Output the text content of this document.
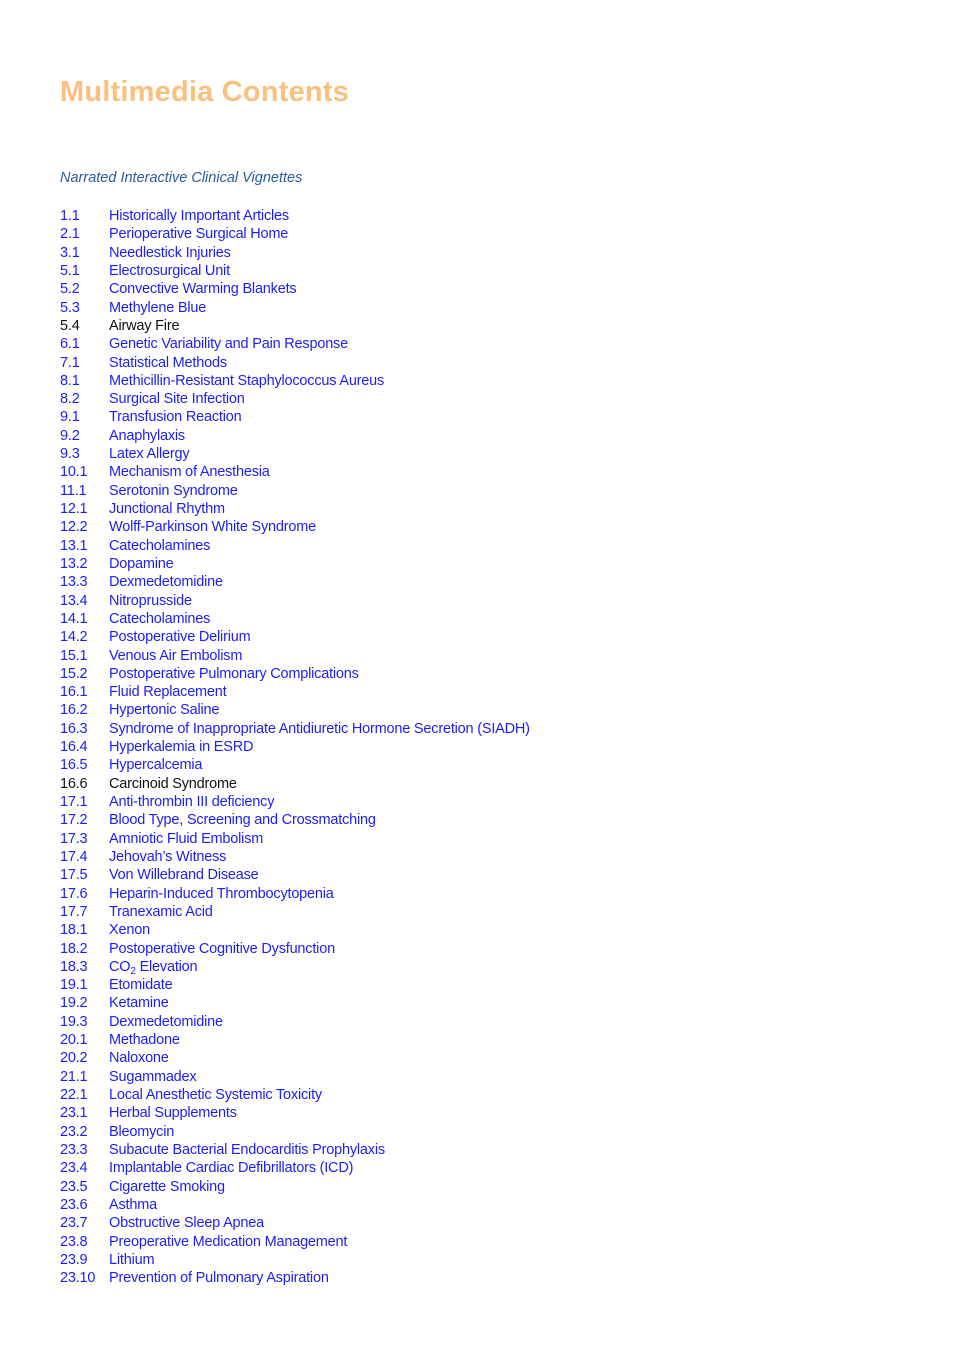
Multimedia Contents
Narrated Interactive Clinical Vignettes
1.1	Historically Important Articles
2.1	Perioperative Surgical Home
3.1	Needlestick Injuries
5.1	Electrosurgical Unit
5.2	Convective Warming Blankets
5.3	Methylene Blue
5.4	Airway Fire
6.1	Genetic Variability and Pain Response
7.1	Statistical Methods
8.1	Methicillin-Resistant Staphylococcus Aureus
8.2	Surgical Site Infection
9.1	Transfusion Reaction
9.2	Anaphylaxis
9.3	Latex Allergy
10.1	Mechanism of Anesthesia
11.1	Serotonin Syndrome
12.1	Junctional Rhythm
12.2	Wolff-Parkinson White Syndrome
13.1	Catecholamines
13.2	Dopamine
13.3	Dexmedetomidine
13.4	Nitroprusside
14.1	Catecholamines
14.2	Postoperative Delirium
15.1	Venous Air Embolism
15.2	Postoperative Pulmonary Complications
16.1	Fluid Replacement
16.2	Hypertonic Saline
16.3	Syndrome of Inappropriate Antidiuretic Hormone Secretion (SIADH)
16.4	Hyperkalemia in ESRD
16.5	Hypercalcemia
16.6	Carcinoid Syndrome
17.1	Anti-thrombin III deficiency
17.2	Blood Type, Screening and Crossmatching
17.3	Amniotic Fluid Embolism
17.4	Jehovah’s Witness
17.5	Von Willebrand Disease
17.6	Heparin-Induced Thrombocytopenia
17.7	Tranexamic Acid
18.1	Xenon
18.2	Postoperative Cognitive Dysfunction
18.3	$CO_2$ Elevation
19.1	Etomidate
19.2	Ketamine
19.3	Dexmedetomidine
20.1	Methadone
20.2	Naloxone
21.1	Sugammadex
22.1	Local Anesthetic Systemic Toxicity
23.1	Herbal Supplements
23.2	Bleomycin
23.3	Subacute Bacterial Endocarditis Prophylaxis
23.4	Implantable Cardiac Defibrillators (ICD)
23.5	Cigarette Smoking
23.6	Asthma
23.7	Obstructive Sleep Apnea
23.8	Preoperative Medication Management
23.9	Lithium
23.10 Prevention of Pulmonary Aspiration
